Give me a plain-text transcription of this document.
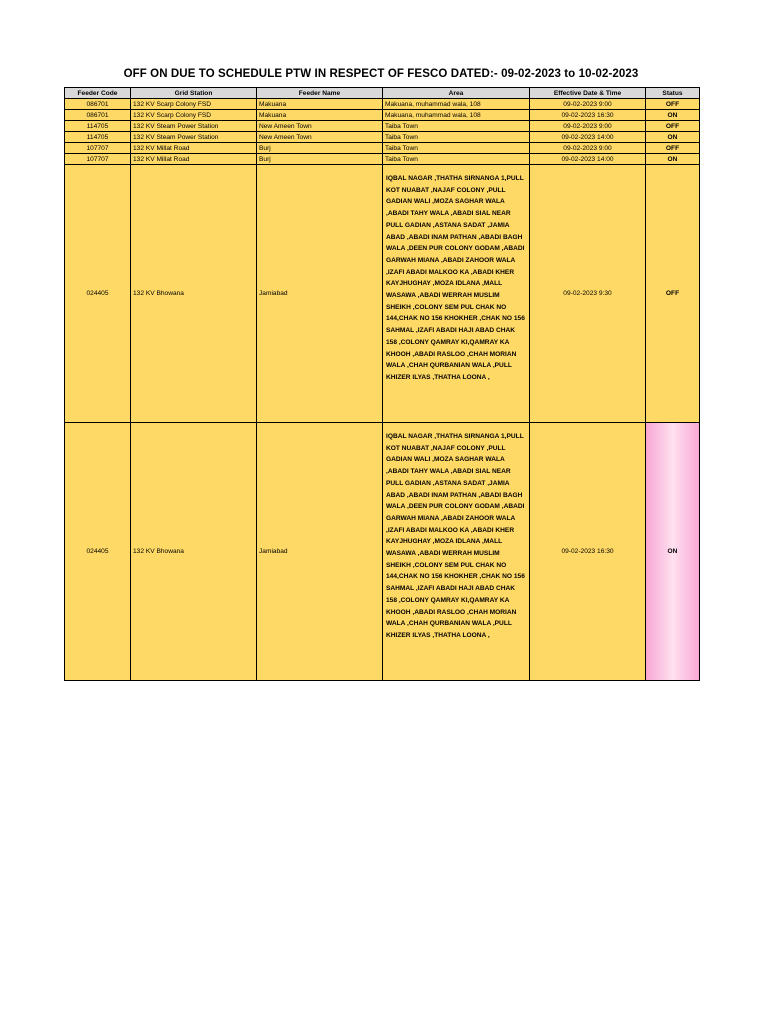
OFF ON DUE TO SCHEDULE PTW IN RESPECT OF FESCO DATED:- 09-02-2023 to 10-02-2023
Feeder Code	Grid Station	Feeder Name	Area	Effective Date & Time	Status
086701	132 KV Scarp Colony FSD	Makuana	Makuana, muhammad wala, 108	09-02-2023 9:00	OFF
086701	132 KV Scarp Colony FSD	Makuana	Makuana, muhammad wala, 108	09-02-2023 16:30	ON
114705	132 KV Steam Power Station	New Ameen Town	Taiba Town	09-02-2023 9:00	OFF
114705	132 KV Steam Power Station	New Ameen Town	Taiba Town	09-02-2023 14:00	ON
107707	132 KV Millat Road	Burj	Taiba Town	09-02-2023 9:00	OFF
107707	132 KV Millat Road	Burj	Taiba Town	09-02-2023 14:00	ON
024405	132 KV Bhowana	Jamiabad	IQBAL NAGAR ,THATHA SIRNANGA 1,PULL KOT NUABAT ,NAJAF COLONY ,PULL GADIAN WALI ,MOZA SAGHAR WALA ,ABADI TAHY WALA ,ABADI SIAL NEAR PULL GADIAN ,ASTANA SADAT ,JAMIA ABAD ,ABADI INAM PATHAN ,ABADI BAGH WALA ,DEEN PUR COLONY GODAM ,ABADI GARWAH MIANA ,ABADI ZAHOOR WALA ,IZAFI ABADI MALKOO KA ,ABADI KHER KAYJHUGHAY ,MOZA IDLANA ,MALL WASAWA ,ABADI WERRAH MUSLIM SHEIKH ,COLONY SEM PUL CHAK NO 144,CHAK NO 156 KHOKHER ,CHAK NO 156 SAHMAL ,IZAFI ABADI HAJI ABAD CHAK 158 ,COLONY QAMRAY KI,QAMRAY KA KHOOH ,ABADI RASLOO ,CHAH MORIAN WALA ,CHAH QURBANIAN WALA ,PULL KHIZER ILYAS ,THATHA LOONA ,	09-02-2023 9:30	OFF
024405	132 KV Bhowana	Jamiabad	IQBAL NAGAR ,THATHA SIRNANGA 1,PULL KOT NUABAT ,NAJAF COLONY ,PULL GADIAN WALI ,MOZA SAGHAR WALA ,ABADI TAHY WALA ,ABADI SIAL NEAR PULL GADIAN ,ASTANA SADAT ,JAMIA ABAD ,ABADI INAM PATHAN ,ABADI BAGH WALA ,DEEN PUR COLONY GODAM ,ABADI GARWAH MIANA ,ABADI ZAHOOR WALA ,IZAFI ABADI MALKOO KA ,ABADI KHER KAYJHUGHAY ,MOZA IDLANA ,MALL WASAWA ,ABADI WERRAH MUSLIM SHEIKH ,COLONY SEM PUL CHAK NO 144,CHAK NO 156 KHOKHER ,CHAK NO 156 SAHMAL ,IZAFI ABADI HAJI ABAD CHAK 158 ,COLONY QAMRAY KI,QAMRAY KA KHOOH ,ABADI RASLOO ,CHAH MORIAN WALA ,CHAH QURBANIAN WALA ,PULL KHIZER ILYAS ,THATHA LOONA ,	09-02-2023 16:30	ON
